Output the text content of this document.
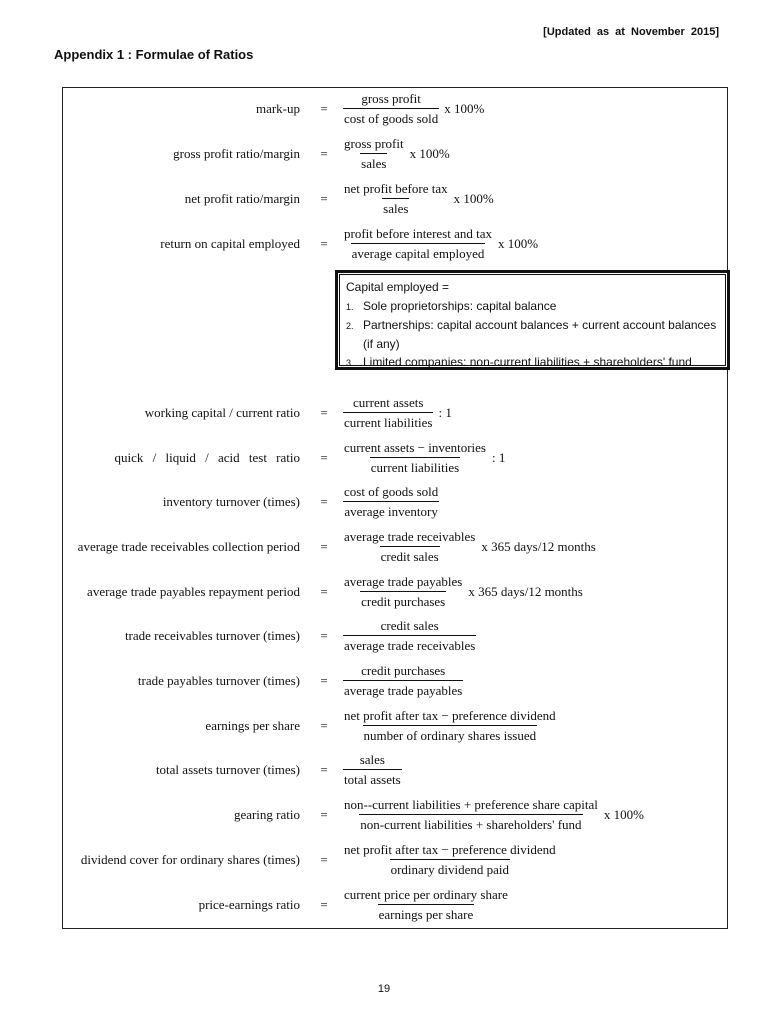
[Updated as at November 2015]
Appendix 1 : Formulae of Ratios
mark-up = $\frac{\text{gross profit}}{\text{cost of goods sold}}$ x 100%
gross profit ratio/margin = $\frac{\text{gross profit}}{\text{sales}}$ x 100%
net profit ratio/margin = $\frac{\text{net profit before tax}}{\text{sales}}$ x 100%
return on capital employed = $\frac{\text{profit before interest and tax}}{\text{average capital employed}}$ x 100%
Capital employed =
1. Sole proprietorships: capital balance
2. Partnerships: capital account balances + current account balances (if any)
3. Limited companies: non-current liabilities + shareholders' fund
working capital / current ratio = $\frac{\text{current assets}}{\text{current liabilities}}$ : 1
quick / liquid / acid test ratio = $\frac{\text{current assets − inventories}}{\text{current liabilities}}$ : 1
inventory turnover (times) = $\frac{\text{cost of goods sold}}{\text{average inventory}}$
average trade receivables collection period = $\frac{\text{average trade receivables}}{\text{credit sales}}$ x 365 days/12 months
average trade payables repayment period = $\frac{\text{average trade payables}}{\text{credit purchases}}$ x 365 days/12 months
trade receivables turnover (times) = $\frac{\text{credit sales}}{\text{average trade receivables}}$
trade payables turnover (times) = $\frac{\text{credit purchases}}{\text{average trade payables}}$
earnings per share = $\frac{\text{net profit after tax − preference dividend}}{\text{number of ordinary shares issued}}$
total assets turnover (times) = $\frac{\text{sales}}{\text{total assets}}$
gearing ratio = $\frac{\text{non--current liabilities + preference share capital}}{\text{non-current liabilities + shareholders' fund}}$ x 100%
dividend cover for ordinary shares (times) = $\frac{\text{net profit after tax − preference dividend}}{\text{ordinary dividend paid}}$
price-earnings ratio = $\frac{\text{current price per ordinary share}}{\text{earnings per share}}$
19
